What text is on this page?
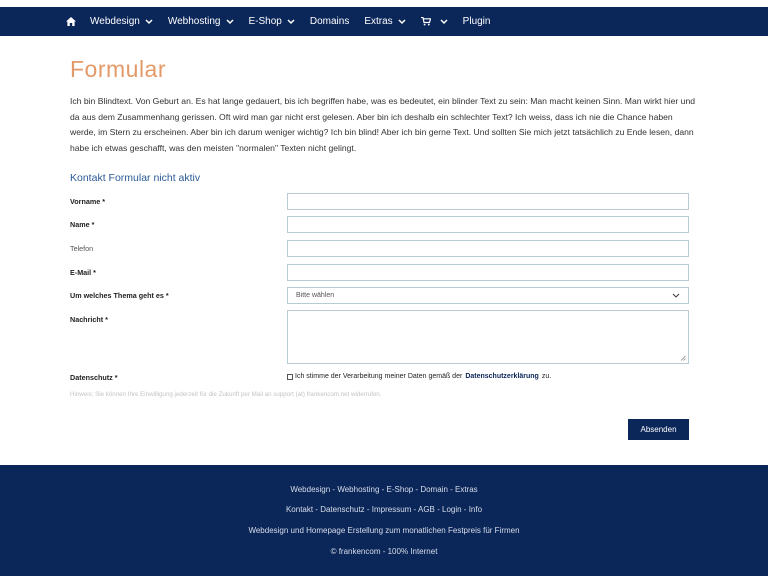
Webdesign	Webhosting	E-Shop	Domains Extras	Plugin
Formular

Ich bin Blindtext. Von Geburt an. Es hat lange gedauert, bis ich begriffen habe, was es bedeutet, ein blinder Text zu sein: Man macht keinen Sinn. Man wirkt hier und da aus dem Zusammenhang gerissen. Oft wird man gar nicht erst gelesen. Aber bin ich deshalb ein schlechter Text? Ich weiss, dass ich nie die Chance haben werde, im Stern zu erscheinen. Aber bin ich darum weniger wichtig? Ich bin blind! Aber ich bin gerne Text. Und sollten Sie mich jetzt tatsächlich zu Ende lesen, dann habe ich etwas geschafft, was den meisten "normalen" Texten nicht gelingt.

Kontakt Formular nicht aktiv
Vorname *
Name *
Telefon
E-Mail *
Um welches Thema geht es *	Bitte wählen
Nachricht *
Datenschutz *	Ich stimme der Verarbeitung meiner Daten gemäß der Datenschutzerklärung zu.
Hinweis: Sie können Ihre Einwilligung jederzeit für die Zukunft per Mail an support (at) frankencom.net widerrufen.
Absenden
Webdesign - Webhosting - E-Shop - Domain - Extras
Kontakt - Datenschutz - Impressum - AGB - Login - Info
Webdesign und Homepage Erstellung zum monatlichen Festpreis für Firmen
© frankencom - 100% Internet
